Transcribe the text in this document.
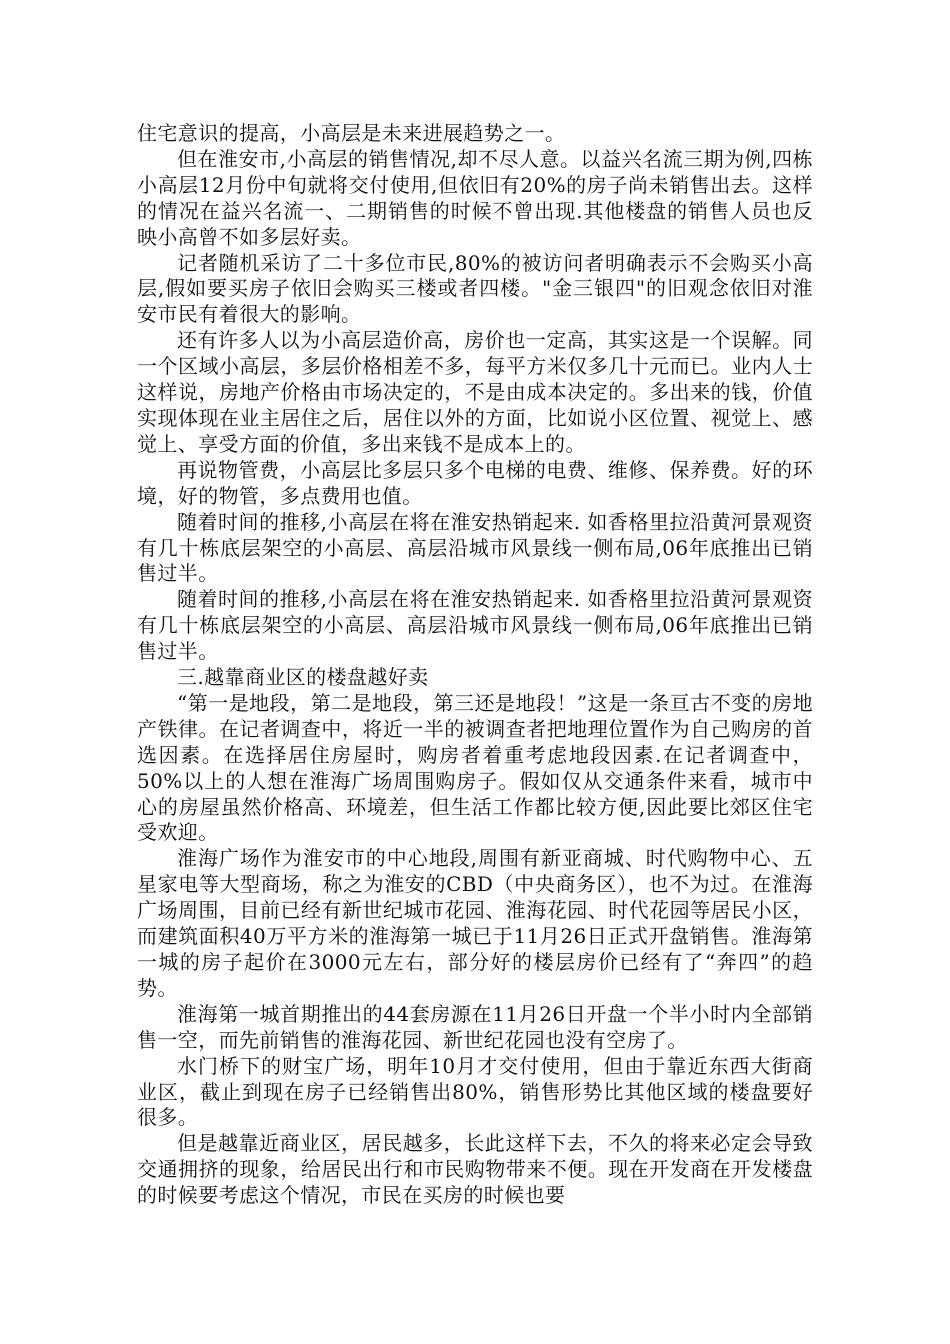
住宅意识的提高，小高层是未来进展趋势之一。

但在淮安市,小高层的销售情况,却不尽人意。以益兴名流三期为例,四栋小高层12月份中旬就将交付使用,但依旧有20%的房子尚未销售出去。这样的情况在益兴名流一、二期销售的时候不曾出现.其他楼盘的销售人员也反映小高曾不如多层好卖。

记者随机采访了二十多位市民,80%的被访问者明确表示不会购买小高层,假如要买房子依旧会购买三楼或者四楼。"金三银四"的旧观念依旧对淮安市民有着很大的影响。

还有许多人以为小高层造价高，房价也一定高，其实这是一个误解。同一个区域小高层，多层价格相差不多，每平方米仅多几十元而已。业内人士这样说，房地产价格由市场决定的，不是由成本决定的。多出来的钱，价值实现体现在业主居住之后，居住以外的方面，比如说小区位置、视觉上、感觉上、享受方面的价值，多出来钱不是成本上的。

再说物管费，小高层比多层只多个电梯的电费、维修、保养费。好的环境，好的物管，多点费用也值。

随着时间的推移,小高层在将在淮安热销起来. 如香格里拉沿黄河景观资有几十栋底层架空的小高层、高层沿城市风景线一侧布局,06年底推出已销售过半。

随着时间的推移,小高层在将在淮安热销起来. 如香格里拉沿黄河景观资有几十栋底层架空的小高层、高层沿城市风景线一侧布局,06年底推出已销售过半。

三.越靠商业区的楼盘越好卖

“第一是地段，第二是地段，第三还是地段！”这是一条亘古不变的房地产铁律。在记者调查中，将近一半的被调查者把地理位置作为自己购房的首选因素。在选择居住房屋时，购房者着重考虑地段因素.在记者调查中，50%以上的人想在淮海广场周围购房子。假如仅从交通条件来看，城市中心的房屋虽然价格高、环境差，但生活工作都比较方便,因此要比郊区住宅受欢迎。

淮海广场作为淮安市的中心地段,周围有新亚商城、时代购物中心、五星家电等大型商场，称之为淮安的CBD（中央商务区），也不为过。在淮海广场周围，目前已经有新世纪城市花园、淮海花园、时代花园等居民小区，而建筑面积40万平方米的淮海第一城已于11月26日正式开盘销售。淮海第一城的房子起价在3000元左右，部分好的楼层房价已经有了“奔四”的趋势。

淮海第一城首期推出的44套房源在11月26日开盘一个半小时内全部销售一空，而先前销售的淮海花园、新世纪花园也没有空房了。

水门桥下的财宝广场，明年10月才交付使用，但由于靠近东西大街商业区，截止到现在房子已经销售出80%，销售形势比其他区域的楼盘要好很多。

但是越靠近商业区，居民越多，长此这样下去，不久的将来必定会导致交通拥挤的现象，给居民出行和市民购物带来不便。现在开发商在开发楼盘的时候要考虑这个情况，市民在买房的时候也要
